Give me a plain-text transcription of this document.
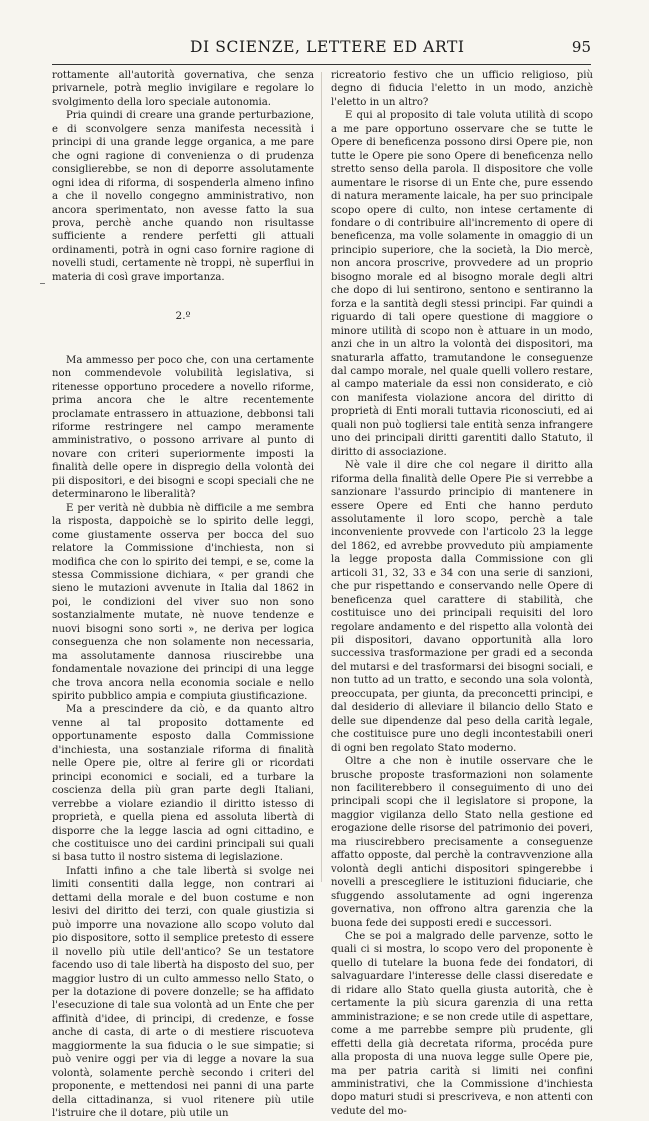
DI SCIENZE, LETTERE ED ARTI	95

rottamente all'autorità governativa, che senza privarnele, potrà meglio invigilare e regolare lo svolgimento della loro speciale autonomia.

Pria quindi di creare una grande perturbazione, e di sconvolgere senza manifesta necessità i principi di una grande legge organica, a me pare che ogni ragione di convenienza o di prudenza consiglierebbe, se non di deporre assolutamente ogni idea di riforma, di sospenderla almeno infino a che il novello congegno amministrativo, non ancora sperimentato, non avesse fatto la sua prova, perchè anche quando non risultasse sufficiente a rendere perfetti gli attuali ordinamenti, potrà in ogni caso fornire ragione di novelli studi, certamente nè troppi, nè superflui in materia di così grave importanza.

2.º

Ma ammesso per poco che, con una certamente non commendevole volubilità legislativa, si ritenesse opportuno procedere a novello riforme, prima ancora che le altre recentemente proclamate entrassero in attuazione, debbonsi tali riforme restringere nel campo meramente amministrativo, o possono arrivare al punto di novare con criteri superiormente imposti la finalità delle opere in dispregio della volontà dei pii dispositori, e dei bisogni e scopi speciali che ne determinarono le liberalità?

E per verità nè dubbia nè difficile a me sembra la risposta, dappoichè se lo spirito delle leggi, come giustamente osserva per bocca del suo relatore la Commissione d'inchiesta, non si modifica che con lo spirito dei tempi, e se, come la stessa Commissione dichiara, « per grandi che sieno le mutazioni avvenute in Italia dal 1862 in poi, le condizioni del viver suo non sono sostanzialmente mutate, nè nuove tendenze e nuovi bisogni sono sorti », ne deriva per logica conseguenza che non solamente non necessaria, ma assolutamente dannosa riuscirebbe una fondamentale novazione dei principi di una legge che trova ancora nella economia sociale e nello spirito pubblico ampia e compiuta giustificazione.

Ma a prescindere da ciò, e da quanto altro venne al tal proposito dottamente ed opportunamente esposto dalla Commissione d'inchiesta, una sostanziale riforma di finalità nelle Opere pie, oltre al ferire gli or ricordati principi economici e sociali, ed a turbare la coscienza della più gran parte degli Italiani, verrebbe a violare eziandio il diritto istesso di proprietà, e quella piena ed assoluta libertà di disporre che la legge lascia ad ogni cittadino, e che costituisce uno dei cardini principali sui quali si basa tutto il nostro sistema di legislazione.

Infatti infino a che tale libertà si svolge nei limiti consentiti dalla legge, non contrari ai dettami della morale e del buon costume e non lesivi del diritto dei terzi, con quale giustizia si può imporre una novazione allo scopo voluto dal pio dispositore, sotto il semplice pretesto di essere il novello più utile dell'antico? Se un testatore facendo uso di tale libertà ha disposto del suo, per maggior lustro di un culto ammesso nello Stato, o per la dotazione di povere donzelle; se ha affidato l'esecuzione di tale sua volontà ad un Ente che per affinità d'idee, di principi, di credenze, e fosse anche di casta, di arte o di mestiere riscuoteva maggiormente la sua fiducia o le sue simpatie; si può venire oggi per via di legge a novare la sua volontà, solamente perchè secondo i criteri del proponente, e mettendosi nei panni di una parte della cittadinanza, si vuol ritenere più utile l'istruire che il dotare, più utile un

ricreatorio festivo che un ufficio religioso, più degno di fiducia l'eletto in un modo, anzichè l'eletto in un altro?

E qui al proposito di tale voluta utilità di scopo a me pare opportuno osservare che se tutte le Opere di beneficenza possono dirsi Opere pie, non tutte le Opere pie sono Opere di beneficenza nello stretto senso della parola. Il dispositore che volle aumentare le risorse di un Ente che, pure essendo di natura meramente laicale, ha per suo principale scopo opere di culto, non intese certamente di fondare o di contribuire all'incremento di opere di beneficenza, ma volle solamente in omaggio di un principio superiore, che la società, la Dio mercè, non ancora proscrive, provvedere ad un proprio bisogno morale ed al bisogno morale degli altri che dopo di lui sentirono, sentono e sentiranno la forza e la santità degli stessi principi. Far quindi a riguardo di tali opere questione di maggiore o minore utilità di scopo non è attuare in un modo, anzi che in un altro la volontà dei dispositori, ma snaturarla affatto, tramutandone le conseguenze dal campo morale, nel quale quelli vollero restare, al campo materiale da essi non considerato, e ciò con manifesta violazione ancora del diritto di proprietà di Enti morali tuttavia riconosciuti, ed ai quali non può togliersi tale entità senza infrangere uno dei principali diritti garentiti dallo Statuto, il diritto di associazione.

Nè vale il dire che col negare il diritto alla riforma della finalità delle Opere Pie si verrebbe a sanzionare l'assurdo principio di mantenere in essere Opere ed Enti che hanno perduto assolutamente il loro scopo, perchè a tale inconveniente provvede con l'articolo 23 la legge del 1862, ed avrebbe provveduto più ampiamente la legge proposta dalla Commissione con gli articoli 31, 32, 33 e 34 con una serie di sanzioni, che pur rispettando e conservando nelle Opere di beneficenza quel carattere di stabilità, che costituisce uno dei principali requisiti del loro regolare andamento e del rispetto alla volontà dei pii dispositori, davano opportunità alla loro successiva trasformazione per gradi ed a seconda del mutarsi e del trasformarsi dei bisogni sociali, e non tutto ad un tratto, e secondo una sola volontà, preoccupata, per giunta, da preconcetti principi, e dal desiderio di alleviare il bilancio dello Stato e delle sue dipendenze dal peso della carità legale, che costituisce pure uno degli incontestabili oneri di ogni ben regolato Stato moderno.

Oltre a che non è inutile osservare che le brusche proposte trasformazioni non solamente non faciliterebbero il conseguimento di uno dei principali scopi che il legislatore si propone, la maggior vigilanza dello Stato nella gestione ed erogazione delle risorse del patrimonio dei poveri, ma riuscirebbero precisamente a conseguenze affatto opposte, dal perchè la contravvenzione alla volontà degli antichi dispositori spingerebbe i novelli a prescegliere le istituzioni fiduciarie, che sfuggendo assolutamente ad ogni ingerenza governativa, non offrono altra garenzia che la buona fede dei supposti eredi e successori.

Che se poi a malgrado delle parvenze, sotto le quali ci si mostra, lo scopo vero del proponente è quello di tutelare la buona fede dei fondatori, di salvaguardare l'interesse delle classi diseredate e di ridare allo Stato quella giusta autorità, che è certamente la più sicura garenzia di una retta amministrazione; e se non crede utile di aspettare, come a me parrebbe sempre più prudente, gli effetti della già decretata riforma, procéda pure alla proposta di una nuova legge sulle Opere pie, ma per patria carità si limiti nei confini amministrativi, che la Commissione d'inchiesta dopo maturi studi si prescriveva, e non attenti con vedute del mo-
